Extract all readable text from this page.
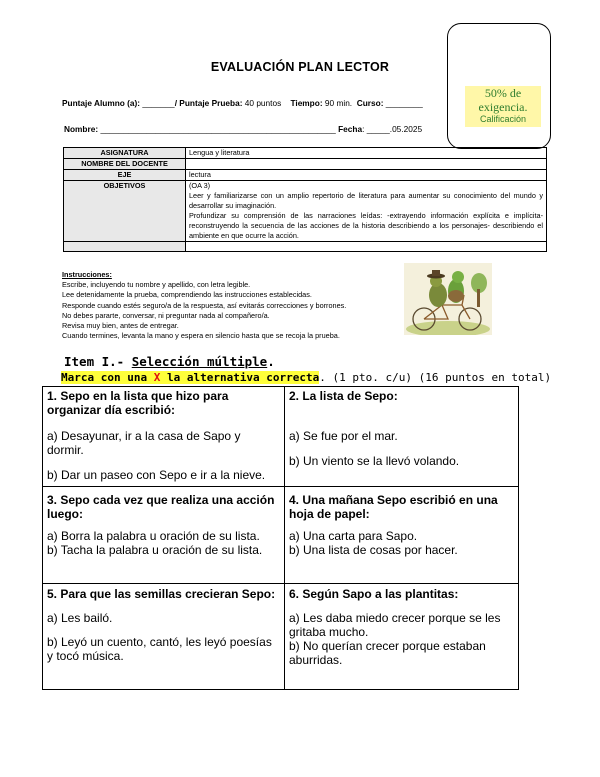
50% de exigencia.
Calificación
EVALUACIÓN PLAN LECTOR
Puntaje Alumno (a): _______/ Puntaje Prueba: 40 puntos Tiempo: 90 min. Curso: ________
Nombre: ___________________________________________________ Fecha: _____.05.2025
ASIGNATURA	Lengua y literatura
NOMBRE DEL DOCENTE	
EJE	lectura
OBJETIVOS	(OA 3)
Leer y familiarizarse con un amplio repertorio de literatura para aumentar su conocimiento del mundo y desarrollar su imaginación.
Profundizar su comprensión de las narraciones leídas: -extrayendo información explícita e implícita- reconstruyendo la secuencia de las acciones de la historia describiendo a los personajes- describiendo el ambiente en que ocurre la acción.

Instrucciones:
Escribe, incluyendo tu nombre y apellido, con letra legible.
Lee detenidamente la prueba, comprendiendo las instrucciones establecidas.
Responde cuando estés seguro/a de la respuesta, así evitarás correcciones y borrones.
No debes pararte, conversar, ni preguntar nada al compañero/a.
Revisa muy bien, antes de entregar.
Cuando termines, levanta la mano y espera en silencio hasta que se recoja la prueba.
Item I.- Selección múltiple.
Marca con una X la alternativa correcta. (1 pto. c/u) (16 puntos en total)

1. Sepo en la lista que hizo para organizar día escribió:

a) Desayunar, ir a la casa de Sapo y dormir.

b) Dar un paseo con Sepo e ir a la nieve.

2. La lista de Sepo:

a) Se fue por el mar.

b) Un viento se la llevó volando.

3. Sepo cada vez que realiza una acción luego:

a) Borra la palabra u oración de su lista.

b) Tacha la palabra u oración de su lista.

4. Una mañana Sepo escribió en una hoja de papel:

a) Una carta para Sapo.

b) Una lista de cosas por hacer.

5. Para que las semillas crecieran Sepo:

a) Les bailó.

b) Leyó un cuento, cantó, les leyó poesías y tocó música.

6. Según Sapo a las plantitas:

a) Les daba miedo crecer porque se les gritaba mucho.

b) No querían crecer porque estaban aburridas.
